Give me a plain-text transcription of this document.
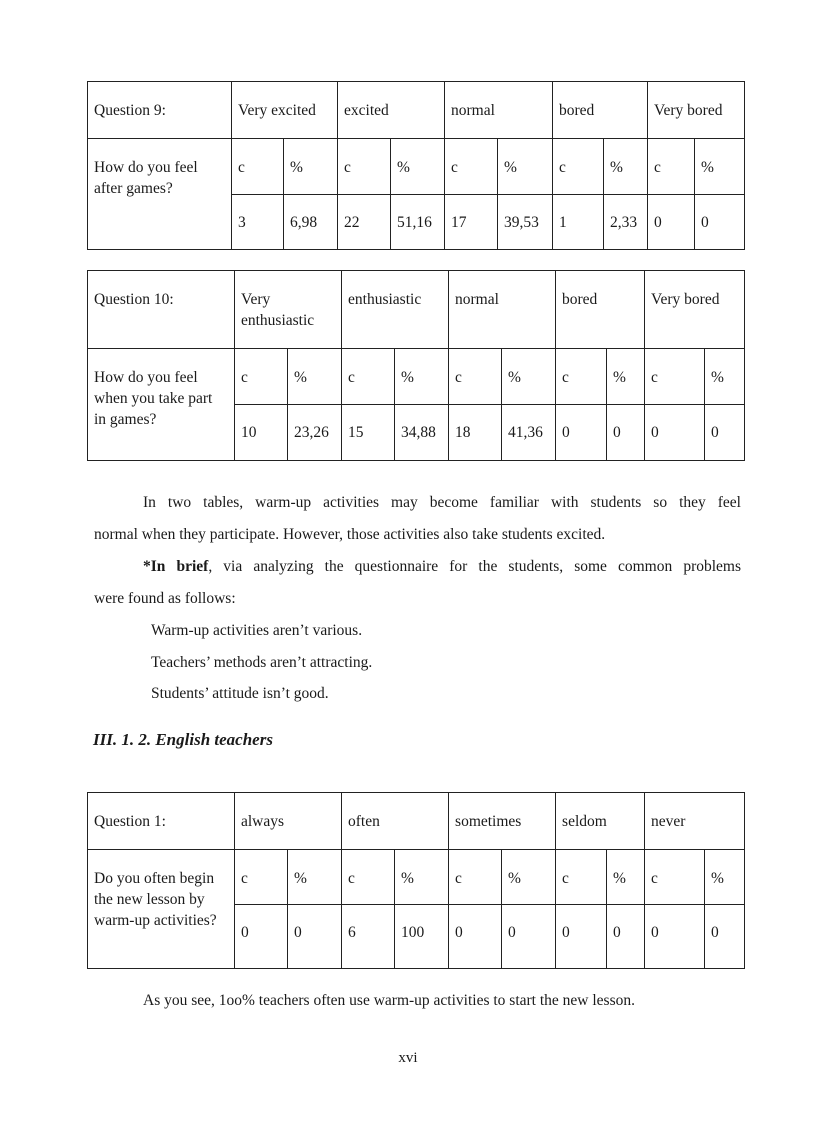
Question 9:	Very excited		excited		normal		bored		Very bored	

How do you feel after games?	c	%	c	%	c	%	c	%	c	%

	3	6,98	22	51,16	17	39,53	1	2,33	0	0
Question 10:	Very enthusiastic		enthusiastic		normal		bored		Very bored	

How do you feel when you take part in games?	c	%	c	%	c	%	c	%	c	%

	10	23,26	15	34,88	18	41,36	0	0	0	0

In two tables, warm-up activities may become familiar with students so they feel

normal when they participate. However, those activities also take students excited.

*In brief, via analyzing the questionnaire for the students, some common problems

were found as follows:

Warm-up activities aren’t various.

Teachers’ methods aren’t attracting.

Students’ attitude isn’t good.

III. 1. 2. English teachers
Question 1:	always		often		sometimes		seldom		never	

Do you often begin the new lesson by warm-up activities?	c	%	c	%	c	%	c	%	c	%

	0	0	6	100	0	0	0	0	0	0

As you see, 1oo% teachers often use warm-up activities to start the new lesson.

xvi
